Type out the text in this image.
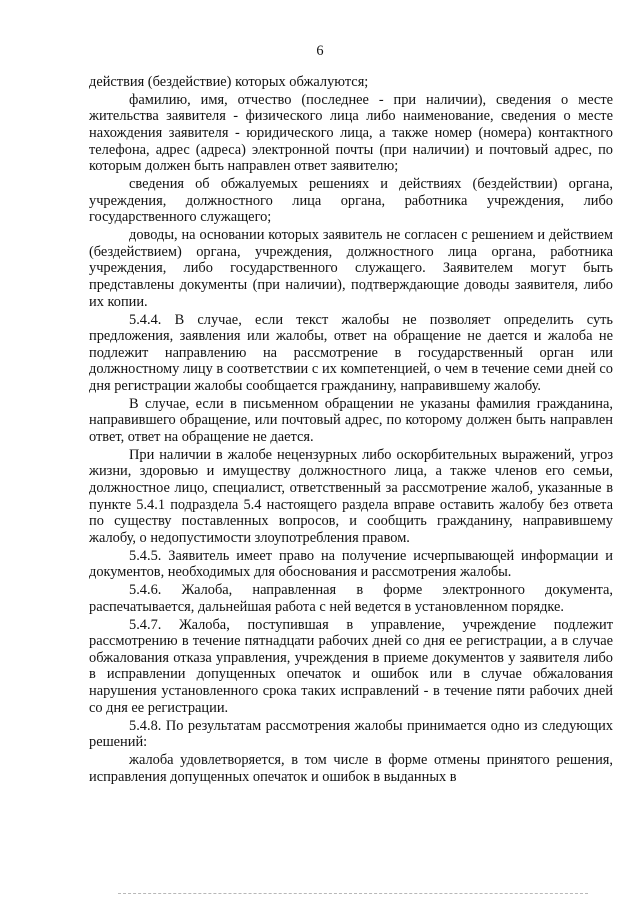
6

действия (бездействие) которых обжалуются;

фамилию, имя, отчество (последнее - при наличии), сведения о месте жительства заявителя - физического лица либо наименование, сведения о месте нахождения заявителя - юридического лица, а также номер (номера) контактного телефона, адрес (адреса) электронной почты (при наличии) и почтовый адрес, по которым должен быть направлен ответ заявителю;

сведения об обжалуемых решениях и действиях (бездействии) органа, учреждения, должностного лица органа, работника учреждения, либо государственного служащего;

доводы, на основании которых заявитель не согласен с решением и действием (бездействием) органа, учреждения, должностного лица органа, работника учреждения, либо государственного служащего. Заявителем могут быть представлены документы (при наличии), подтверждающие доводы заявителя, либо их копии.

5.4.4. В случае, если текст жалобы не позволяет определить суть предложения, заявления или жалобы, ответ на обращение не дается и жалоба не подлежит направлению на рассмотрение в государственный орган или должностному лицу в соответствии с их компетенцией, о чем в течение семи дней со дня регистрации жалобы сообщается гражданину, направившему жалобу.

В случае, если в письменном обращении не указаны фамилия гражданина, направившего обращение, или почтовый адрес, по которому должен быть направлен ответ, ответ на обращение не дается.

При наличии в жалобе нецензурных либо оскорбительных выражений, угроз жизни, здоровью и имуществу должностного лица, а также членов его семьи, должностное лицо, специалист, ответственный за рассмотрение жалоб, указанные в пункте 5.4.1 подраздела 5.4 настоящего раздела вправе оставить жалобу без ответа по существу поставленных вопросов, и сообщить гражданину, направившему жалобу, о недопустимости злоупотребления правом.

5.4.5. Заявитель имеет право на получение исчерпывающей информации и документов, необходимых для обоснования и рассмотрения жалобы.

5.4.6. Жалоба, направленная в форме электронного документа, распечатывается, дальнейшая работа с ней ведется в установленном порядке.

5.4.7. Жалоба, поступившая в управление, учреждение подлежит рассмотрению в течение пятнадцати рабочих дней со дня ее регистрации, а в случае обжалования отказа управления, учреждения в приеме документов у заявителя либо в исправлении допущенных опечаток и ошибок или в случае обжалования нарушения установленного срока таких исправлений - в течение пяти рабочих дней со дня ее регистрации.

5.4.8. По результатам рассмотрения жалобы принимается одно из следующих решений:

жалоба удовлетворяется, в том числе в форме отмены принятого решения, исправления допущенных опечаток и ошибок в выданных в
